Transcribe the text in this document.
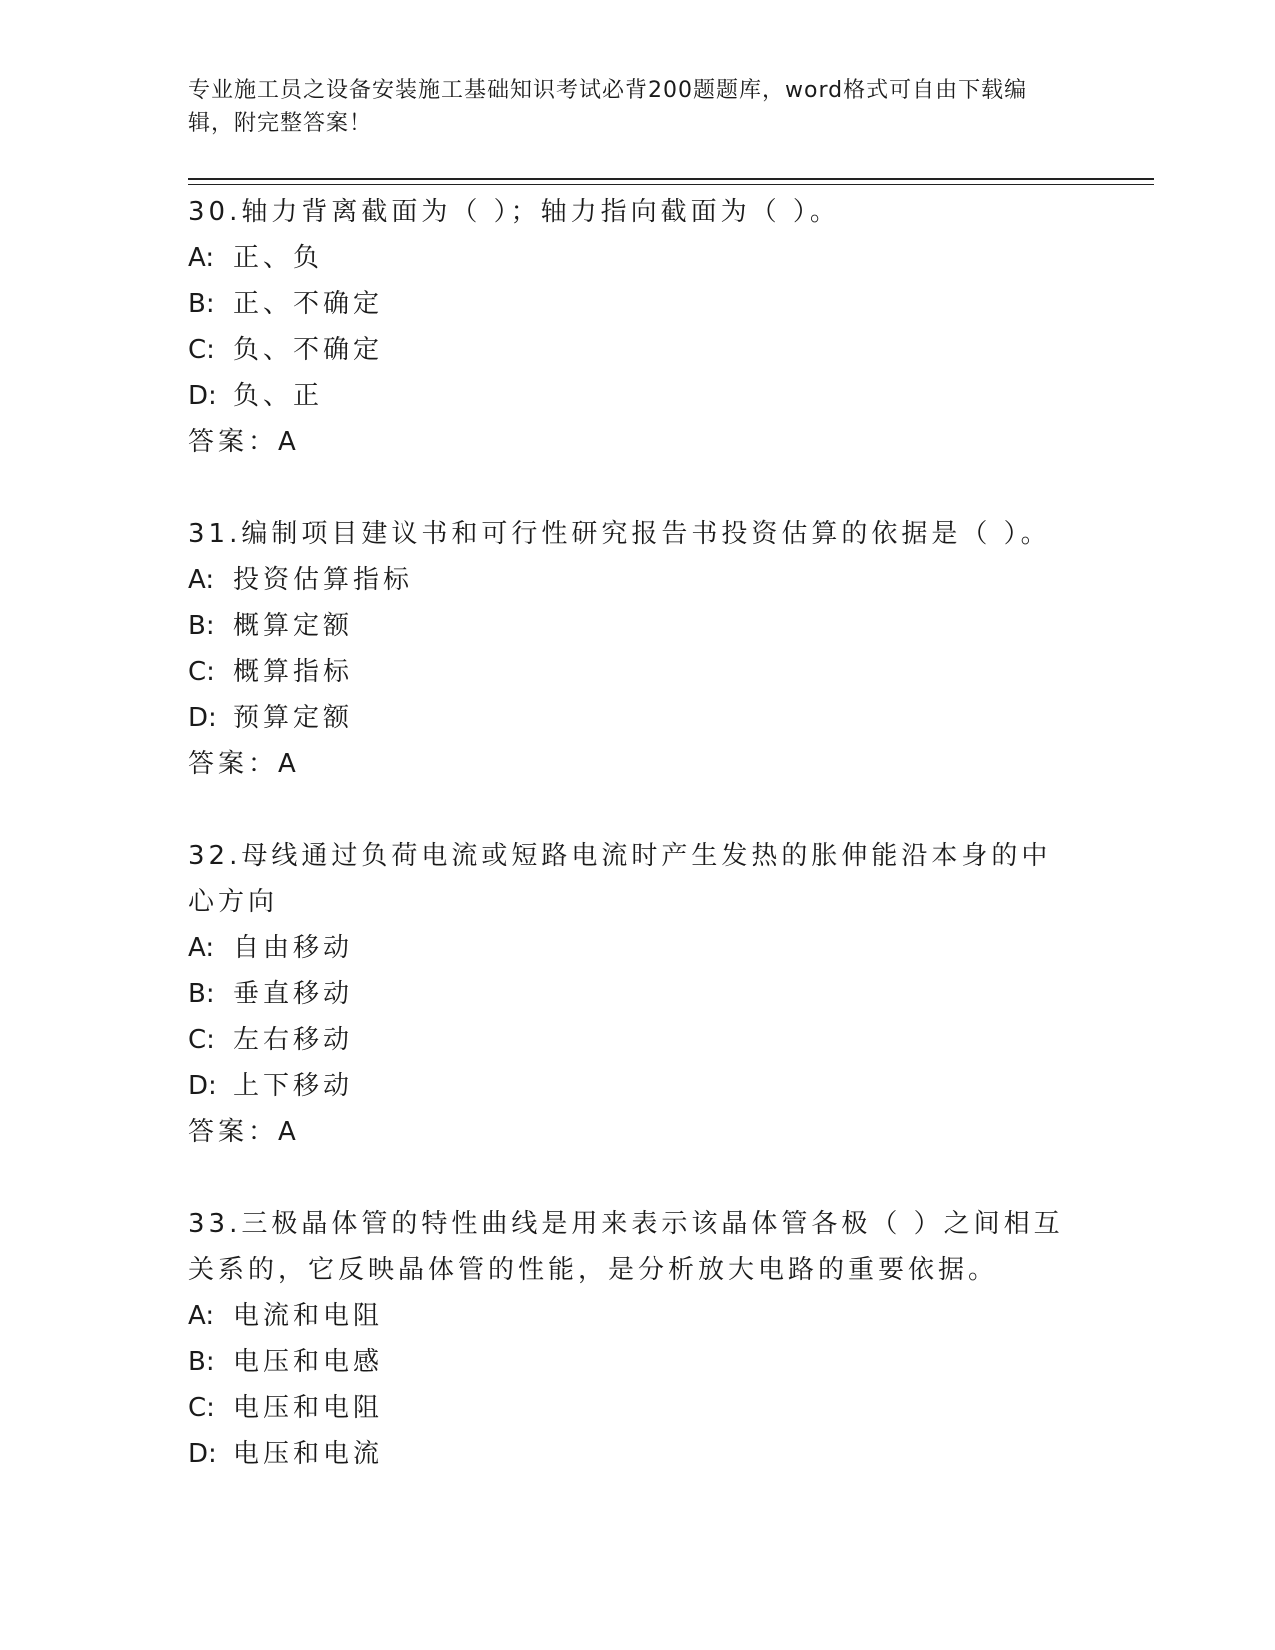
专业施工员之设备安装施工基础知识考试必背200题题库，word格式可自由下载编辑，附完整答案！
30.轴力背离截面为（ ）；轴力指向截面为（ ）。
A: 正、负
B: 正、不确定
C: 负、不确定
D: 负、正
答案：A
31.编制项目建议书和可行性研究报告书投资估算的依据是（ ）。
A: 投资估算指标
B: 概算定额
C: 概算指标
D: 预算定额
答案：A
32.母线通过负荷电流或短路电流时产生发热的胀伸能沿本身的中心方向
A: 自由移动
B: 垂直移动
C: 左右移动
D: 上下移动
答案：A
33.三极晶体管的特性曲线是用来表示该晶体管各极（ ）之间相互关系的，它反映晶体管的性能，是分析放大电路的重要依据。
A: 电流和电阻
B: 电压和电感
C: 电压和电阻
D: 电压和电流
